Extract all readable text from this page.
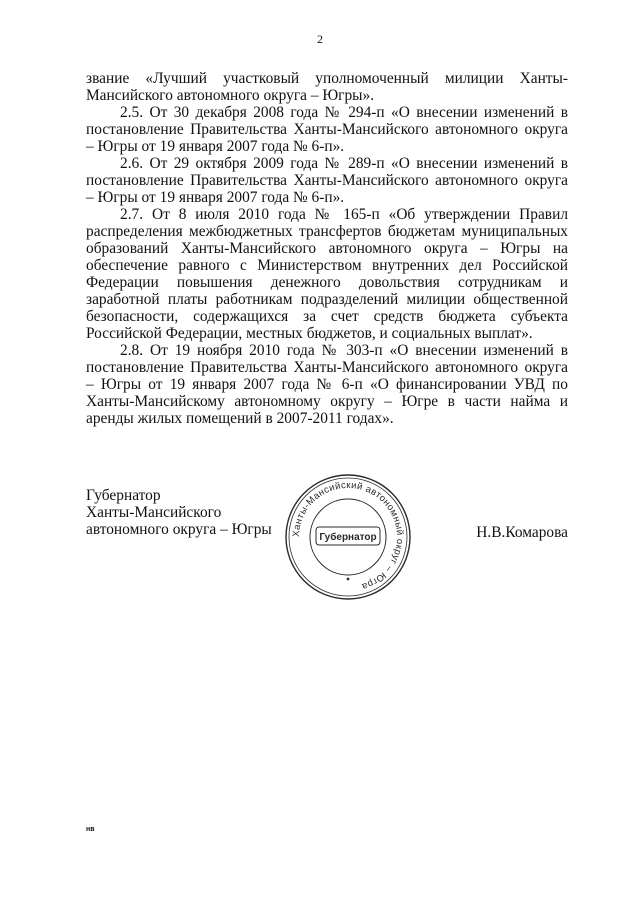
2

звание «Лучший участковый уполномоченный милиции Ханты-Мансийского автономного округа – Югры».

2.5. От 30 декабря 2008 года № 294-п «О внесении изменений в постановление Правительства Ханты-Мансийского автономного округа – Югры от 19 января 2007 года № 6-п».

2.6. От 29 октября 2009 года № 289-п «О внесении изменений в постановление Правительства Ханты-Мансийского автономного округа – Югры от 19 января 2007 года № 6-п».

2.7. От 8 июля 2010 года № 165-п «Об утверждении Правил распределения межбюджетных трансфертов бюджетам муниципальных образований Ханты-Мансийского автономного округа – Югры на обеспечение равного с Министерством внутренних дел Российской Федерации повышения денежного довольствия сотрудникам и заработной платы работникам подразделений милиции общественной безопасности, содержащихся за счет средств бюджета субъекта Российской Федерации, местных бюджетов, и социальных выплат».

2.8. От 19 ноября 2010 года № 303-п «О внесении изменений в постановление Правительства Ханты-Мансийского автономного округа – Югры от 19 января 2007 года № 6-п «О финансировании УВД по Ханты-Мансийскому автономному округу – Югре в части найма и аренды жилых помещений в 2007-2011 годах».

Губернатор
Ханты-Мансийского
автономного округа – Югры	Ханты-Мансийский автономный округ – Югра
Губернатор	Н.В.Комарова
нв
